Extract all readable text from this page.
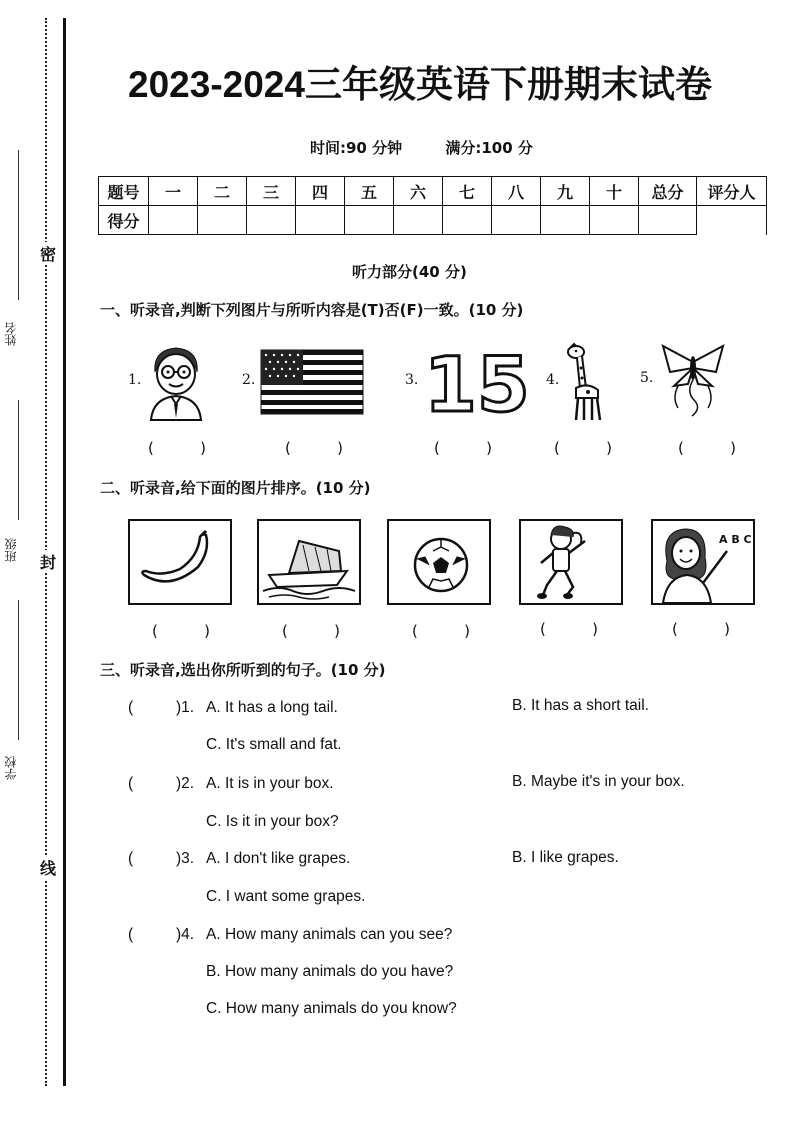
密
封
线
姓名
班级
学校
2023-2024三年级英语下册期末试卷
时间:90 分钟	满分:100 分
题号	一	二	三	四	五	六	七	八	九	十	总分	评分人
得分												
听力部分(40 分)
一、听录音,判断下列图片与所听内容是(T)否(F)一致。(10 分)
1.	2.	3. 15 4.	5.
(	)	(	)	(	)	(	)	(	)
二、听录音,给下面的图片排序。(10 分)
A B C
(	)	(	)	(	)	(	)	(	)
三、听录音,选出你所听到的句子。(10 分)
(	)1. A. It has a long tail.	B. It has a short tail.
C. It's small and fat.
(	)2. A. It is in your box.	B. Maybe it's in your box.
C. Is it in your box?
(	)3. A. I don't like grapes.	B. I like grapes.
C. I want some grapes.
(	)4. A. How many animals can you see?
B. How many animals do you have?
C. How many animals do you know?
